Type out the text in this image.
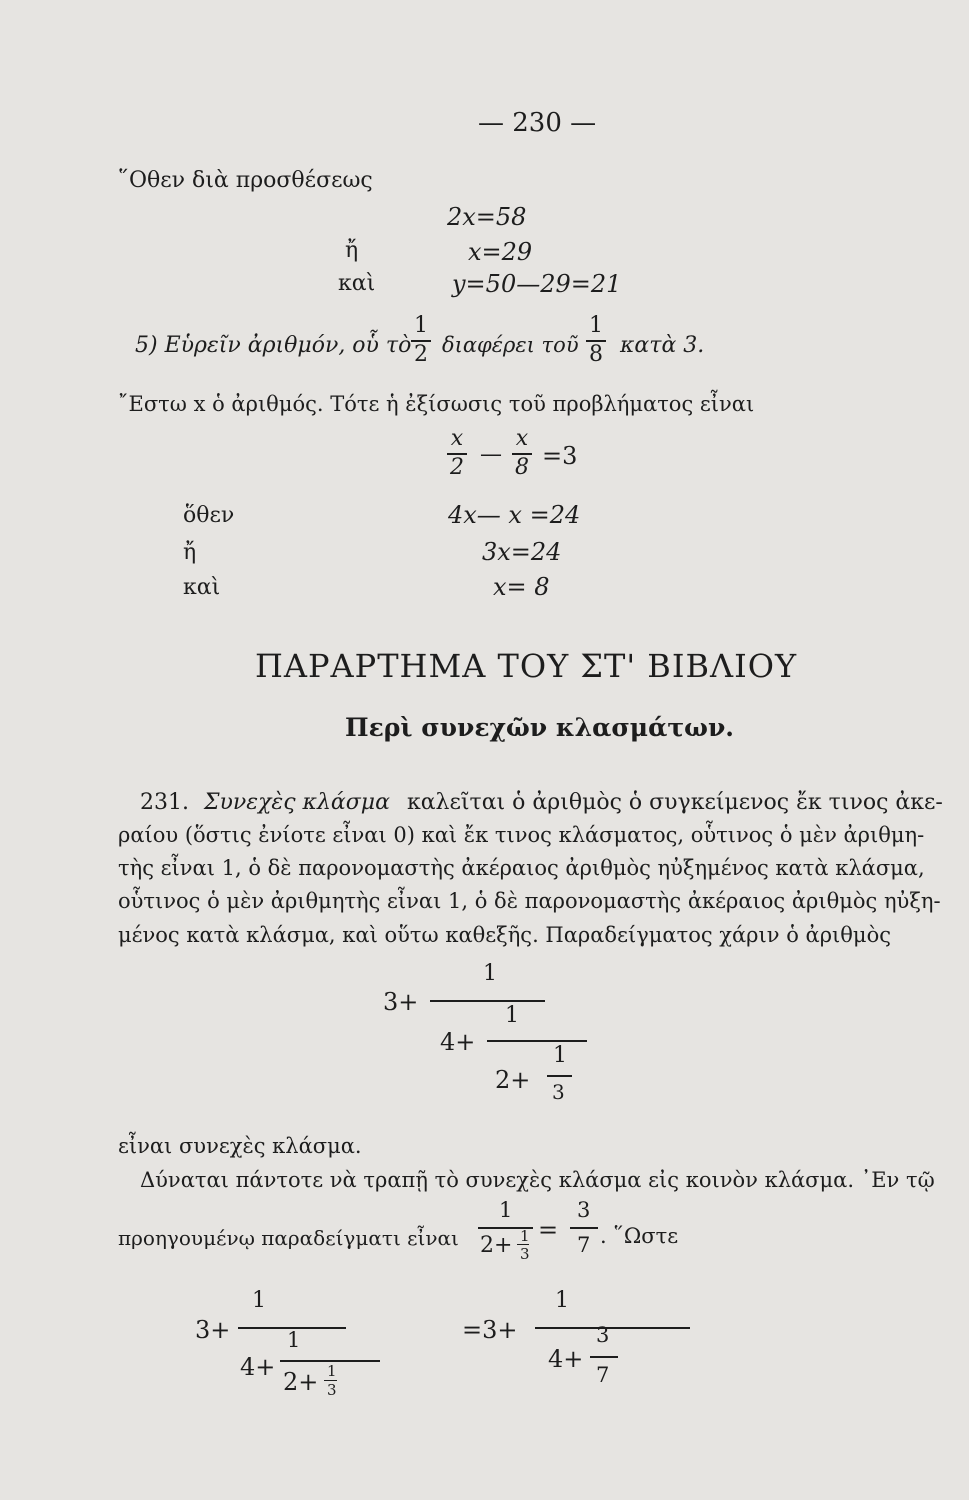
— 230 —
῞Οθεν διὰ προσθέσεως
2x=58
ἤ	x=29
καὶ	y=50—29=21
5) Εὑρεῖν ἀριθμόν, οὗ τὸ
1
2 διαφέρει τοῦ
1
8 κατὰ 3.
῎Εστω x ὁ ἀριθμός. Τότε ἡ ἐξίσωσις τοῦ προβλήματος εἶναι
x
2
—
x
8 =3
ὅθεν	4x— x =24
ἤ	3x=24
καὶ	x= 8
ΠΑΡΑΡΤΗΜΑ ΤΟΥ ΣΤ' ΒΙΒΛΙΟΥ
Περὶ συνεχῶν κλασμάτων.
231. Συνεχὲς κλάσμα καλεῖται ὁ ἀριθμὸς ὁ συγκείμενος ἔκ τινος ἀκε-
ραίου (ὅστις ἐνίοτε εἶναι 0) καὶ ἔκ τινος κλάσματος, οὗτινος ὁ μὲν ἀριθμη-
τὴς εἶναι 1, ὁ δὲ παρονομαστὴς ἀκέραιος ἀριθμὸς ηὐξημένος κατὰ κλάσμα,
οὗτινος ὁ μὲν ἀριθμητὴς εἶναι 1, ὁ δὲ παρονομαστὴς ἀκέραιος ἀριθμὸς ηὐξη-
μένος κατὰ κλάσμα, καὶ οὕτω καθεξῆς. Παραδείγματος χάριν ὁ ἀριθμὸς
3+
1
4+
1
2+
1
3
εἶναι συνεχὲς κλάσμα.
Δύναται πάντοτε νὰ τραπῇ τὸ συνεχὲς κλάσμα εἰς κοινὸν κλάσμα. ᾿Εν τῷ
προηγουμένῳ παραδείγματι εἶναι
1
2+ 1
3
=
3
7 . ῞Ωστε
3+
1
4+
1
2+ 1
3
=3+
1
4+
3
7
